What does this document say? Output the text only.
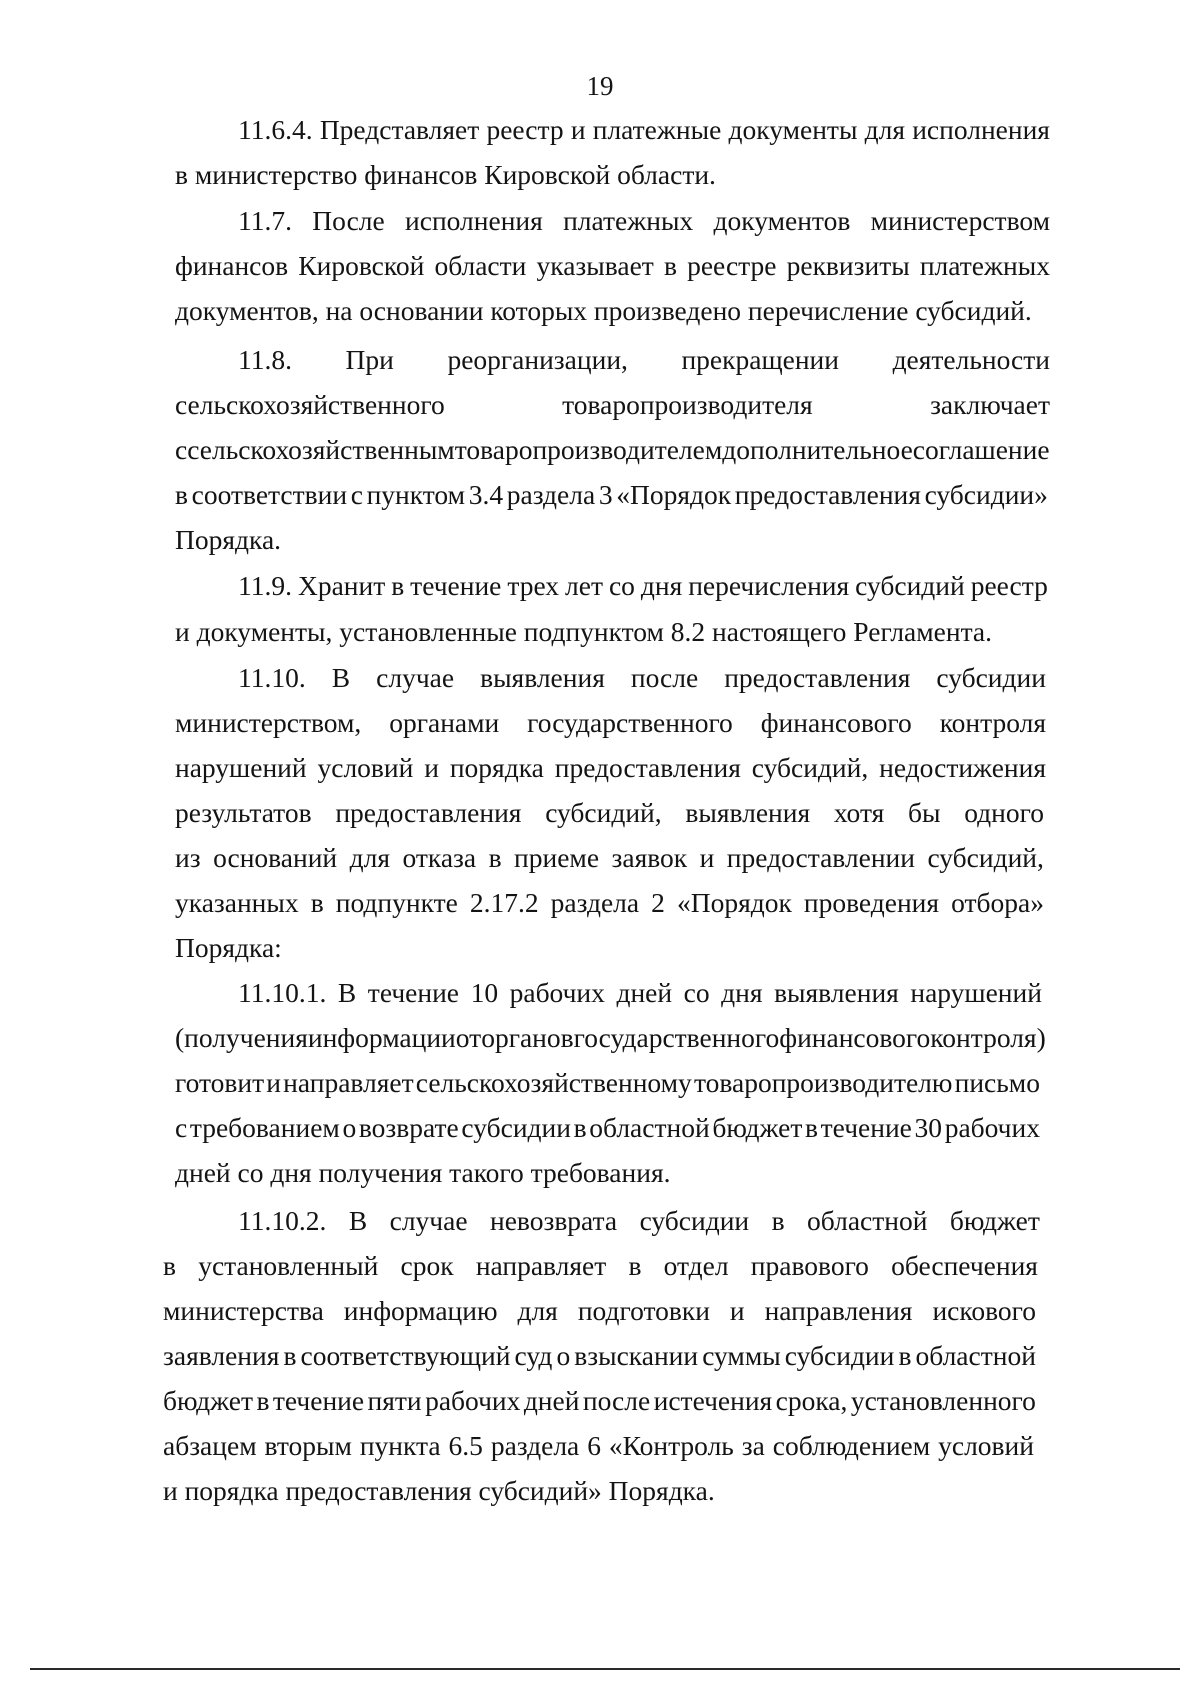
19
11.6.4. Представляет реестр и платежные документы для исполнения
в министерство финансов Кировской области.
11.7. После исполнения платежных документов министерством
финансов Кировской области указывает в реестре реквизиты платежных
документов, на основании которых произведено перечисление субсидий.
11.8. При реорганизации, прекращении деятельности
сельскохозяйственного	товаропроизводителя	заключает
с сельскохозяйственным товаропроизводителем дополнительное соглашение
в соответствии с пунктом 3.4 раздела 3 «Порядок предоставления субсидии»
Порядка.
11.9. Хранит в течение трех лет со дня перечисления субсидий реестр
и документы, установленные подпунктом 8.2 настоящего Регламента.
11.10. В случае выявления после предоставления субсидии
министерством, органами государственного финансового контроля
нарушений условий и порядка предоставления субсидий, недостижения
результатов предоставления субсидий, выявления хотя бы одного
из оснований для отказа в приеме заявок и предоставлении субсидий,
указанных в подпункте 2.17.2 раздела 2 «Порядок проведения отбора»
Порядка:
11.10.1. В течение 10 рабочих дней со дня выявления нарушений
(получения информации от органов государственного финансового контроля)
готовит и направляет сельскохозяйственному товаропроизводителю письмо
с требованием о возврате субсидии в областной бюджет в течение 30 рабочих
дней со дня получения такого требования.
11.10.2. В случае невозврата субсидии в областной бюджет
в установленный срок направляет в отдел правового обеспечения
министерства информацию для подготовки и направления искового
заявления в соответствующий суд о взыскании суммы субсидии в областной
бюджет в течение пяти рабочих дней после истечения срока, установленного
абзацем вторым пункта 6.5 раздела 6 «Контроль за соблюдением условий
и порядка предоставления субсидий» Порядка.
